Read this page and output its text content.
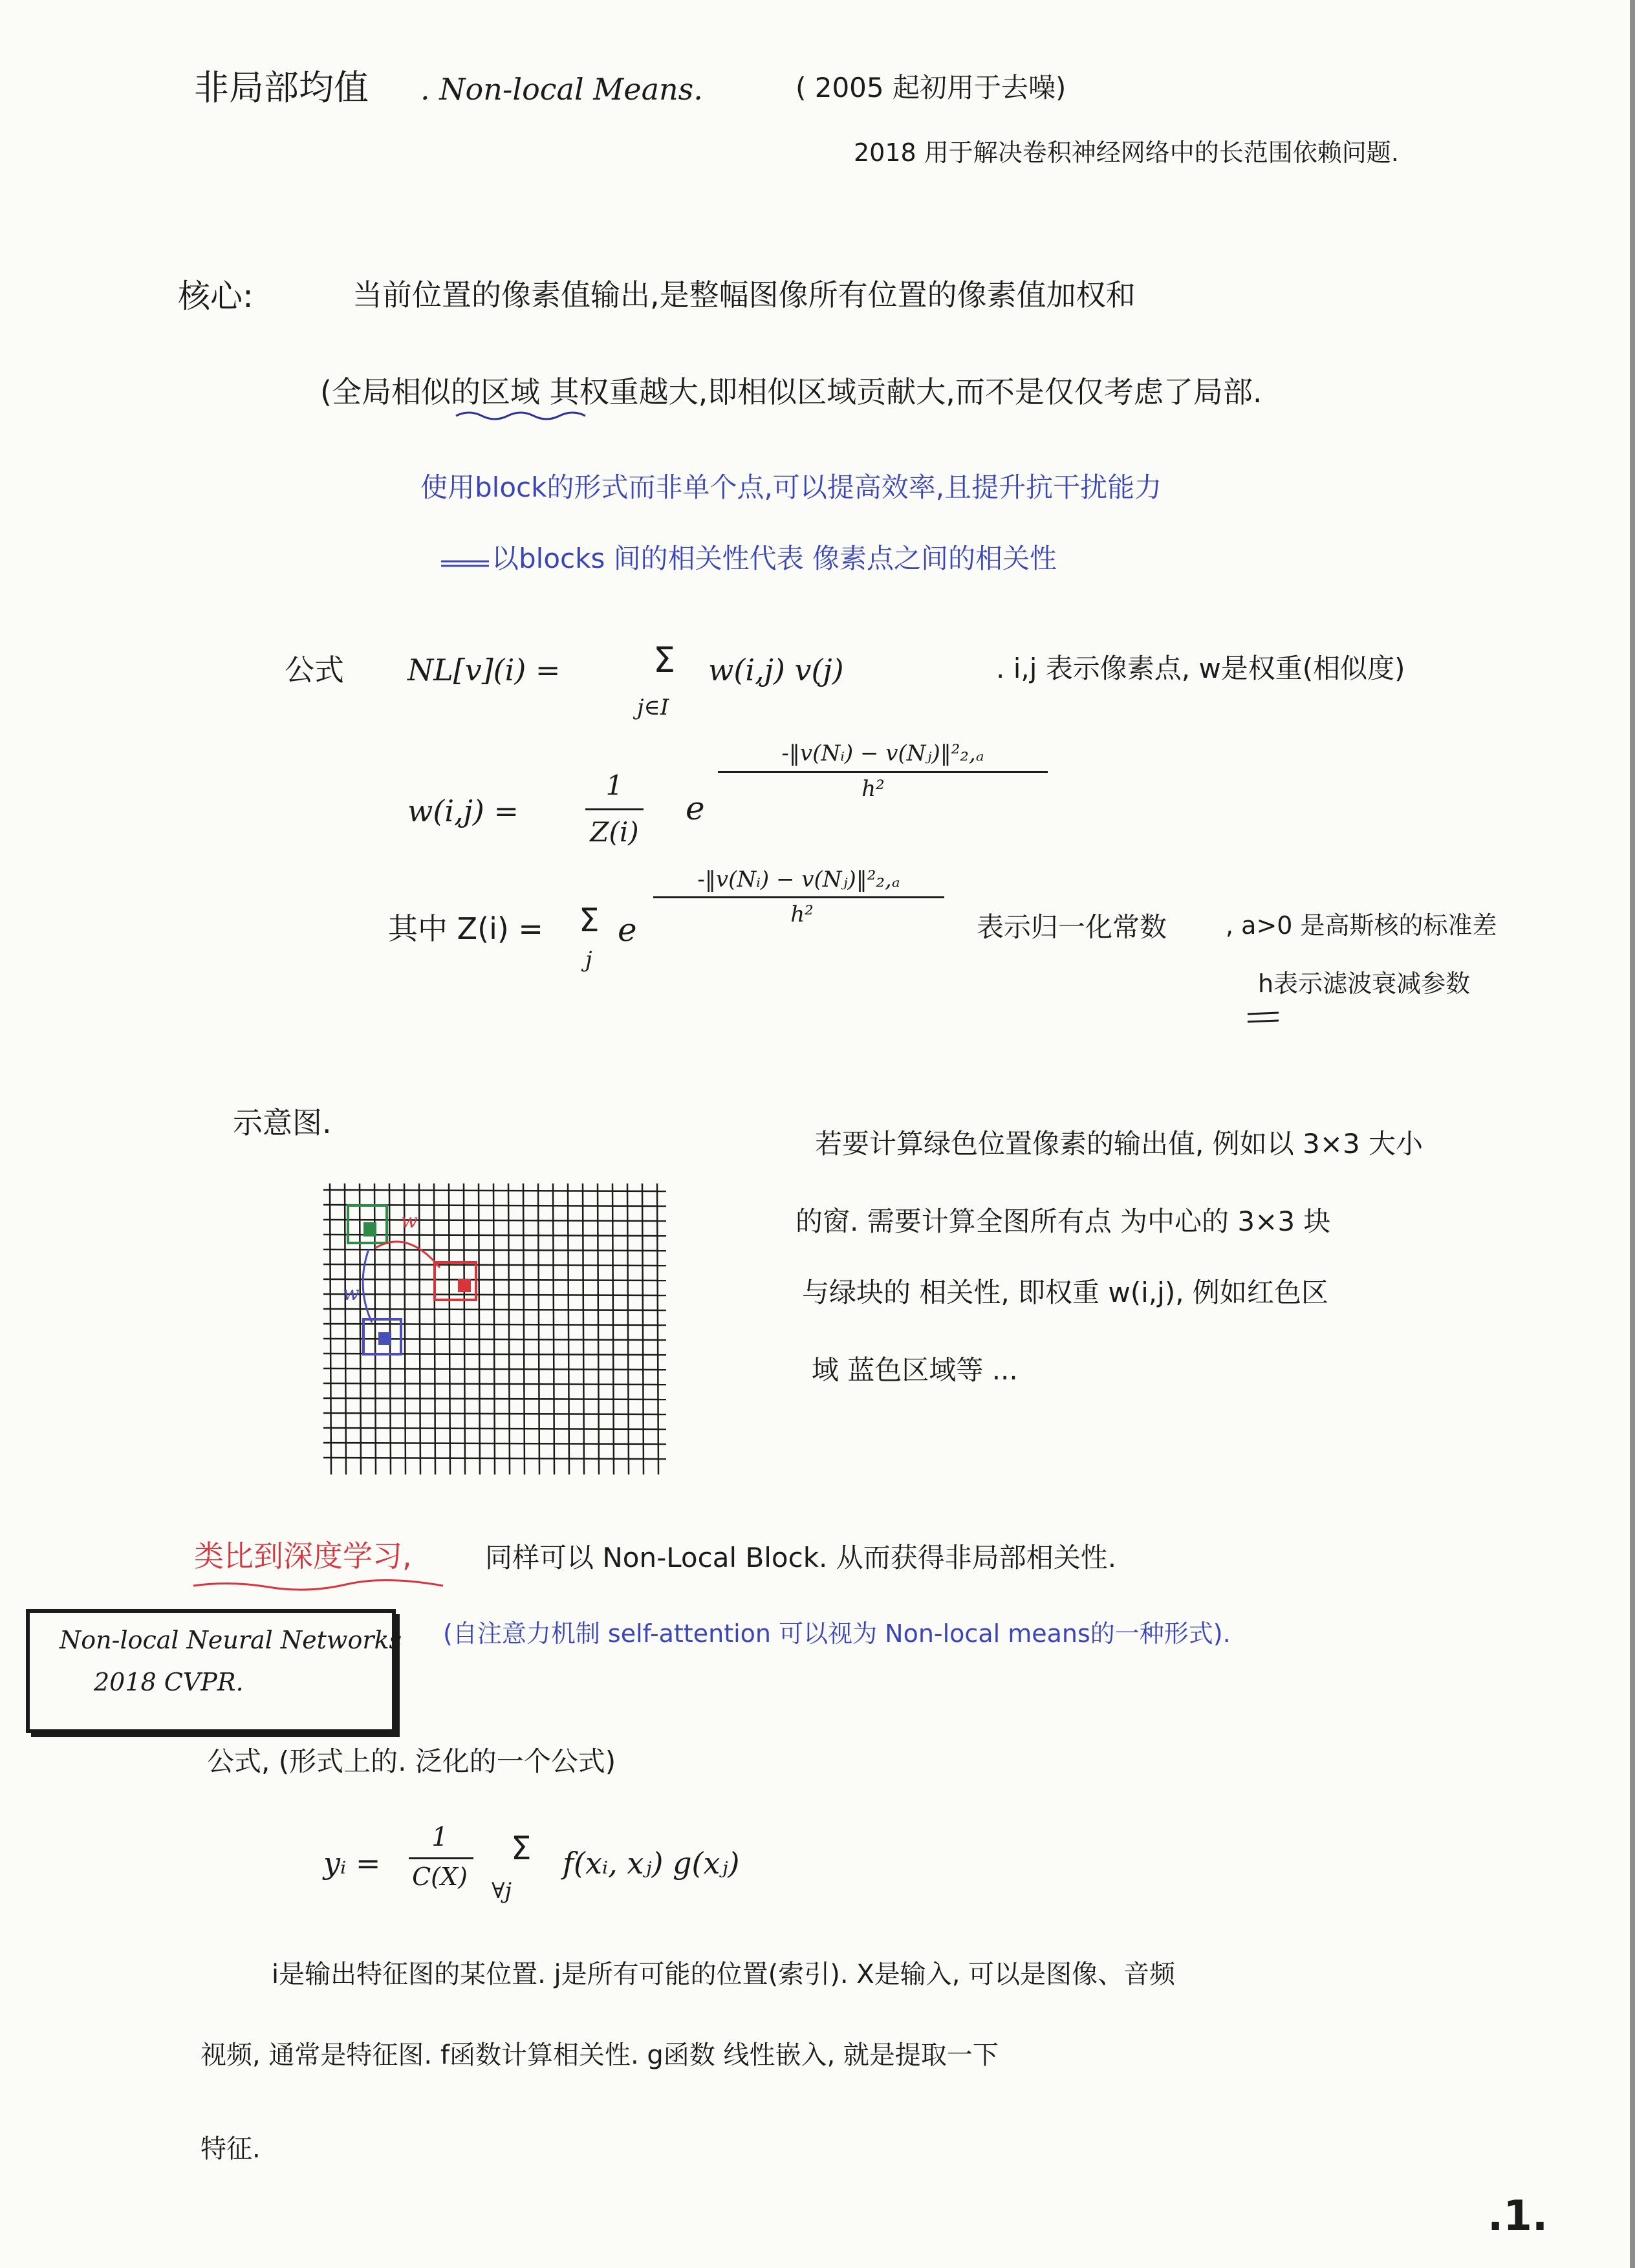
非局部均值 . Non-local Means.	( 2005 起初用于去噪)
2018 用于解决卷积神经网络中的长范围依赖问题.
核心:	当前位置的像素值输出,是整幅图像所有位置的像素值加权和
(全局相似的区域 其权重越大,即相似区域贡献大,而不是仅仅考虑了局部.
使用block的形式而非单个点,可以提高效率,且提升抗干扰能力
以blocks 间的相关性代表 像素点之间的相关性
公式 NL[v](i) =	Σ
j∈I
w(i,j) v(j)	. i,j 表示像素点, w是权重(相似度)
w(i,j) =
1
Z(i)
e
-‖v(Nᵢ) − v(Nⱼ)‖²₂,ₐ
h²
其中 Z(i) = Σ
j
e
-‖v(Nᵢ) − v(Nⱼ)‖²₂,ₐ
h²	表示归一化常数 , a>0 是高斯核的标准差
h表示滤波衰减参数
示意图.
w
w
若要计算绿色位置像素的输出值, 例如以 3×3 大小
的窗. 需要计算全图所有点 为中心的 3×3 块
与绿块的 相关性, 即权重 w(i,j), 例如红色区
域 蓝色区域等 ...
类比到深度学习,	同样可以 Non-Local Block. 从而获得非局部相关性.
Non-local Neural Networks
2018 CVPR.
(自注意力机制 self-attention 可以视为 Non-local means的一种形式).
公式, (形式上的. 泛化的一个公式)
yᵢ =
1
C(X)
Σ
∀j
f(xᵢ, xⱼ) g(xⱼ)
i是输出特征图的某位置. j是所有可能的位置(索引). X是输入, 可以是图像、音频
视频, 通常是特征图. f函数计算相关性. g函数 线性嵌入, 就是提取一下
特征.
.1.
